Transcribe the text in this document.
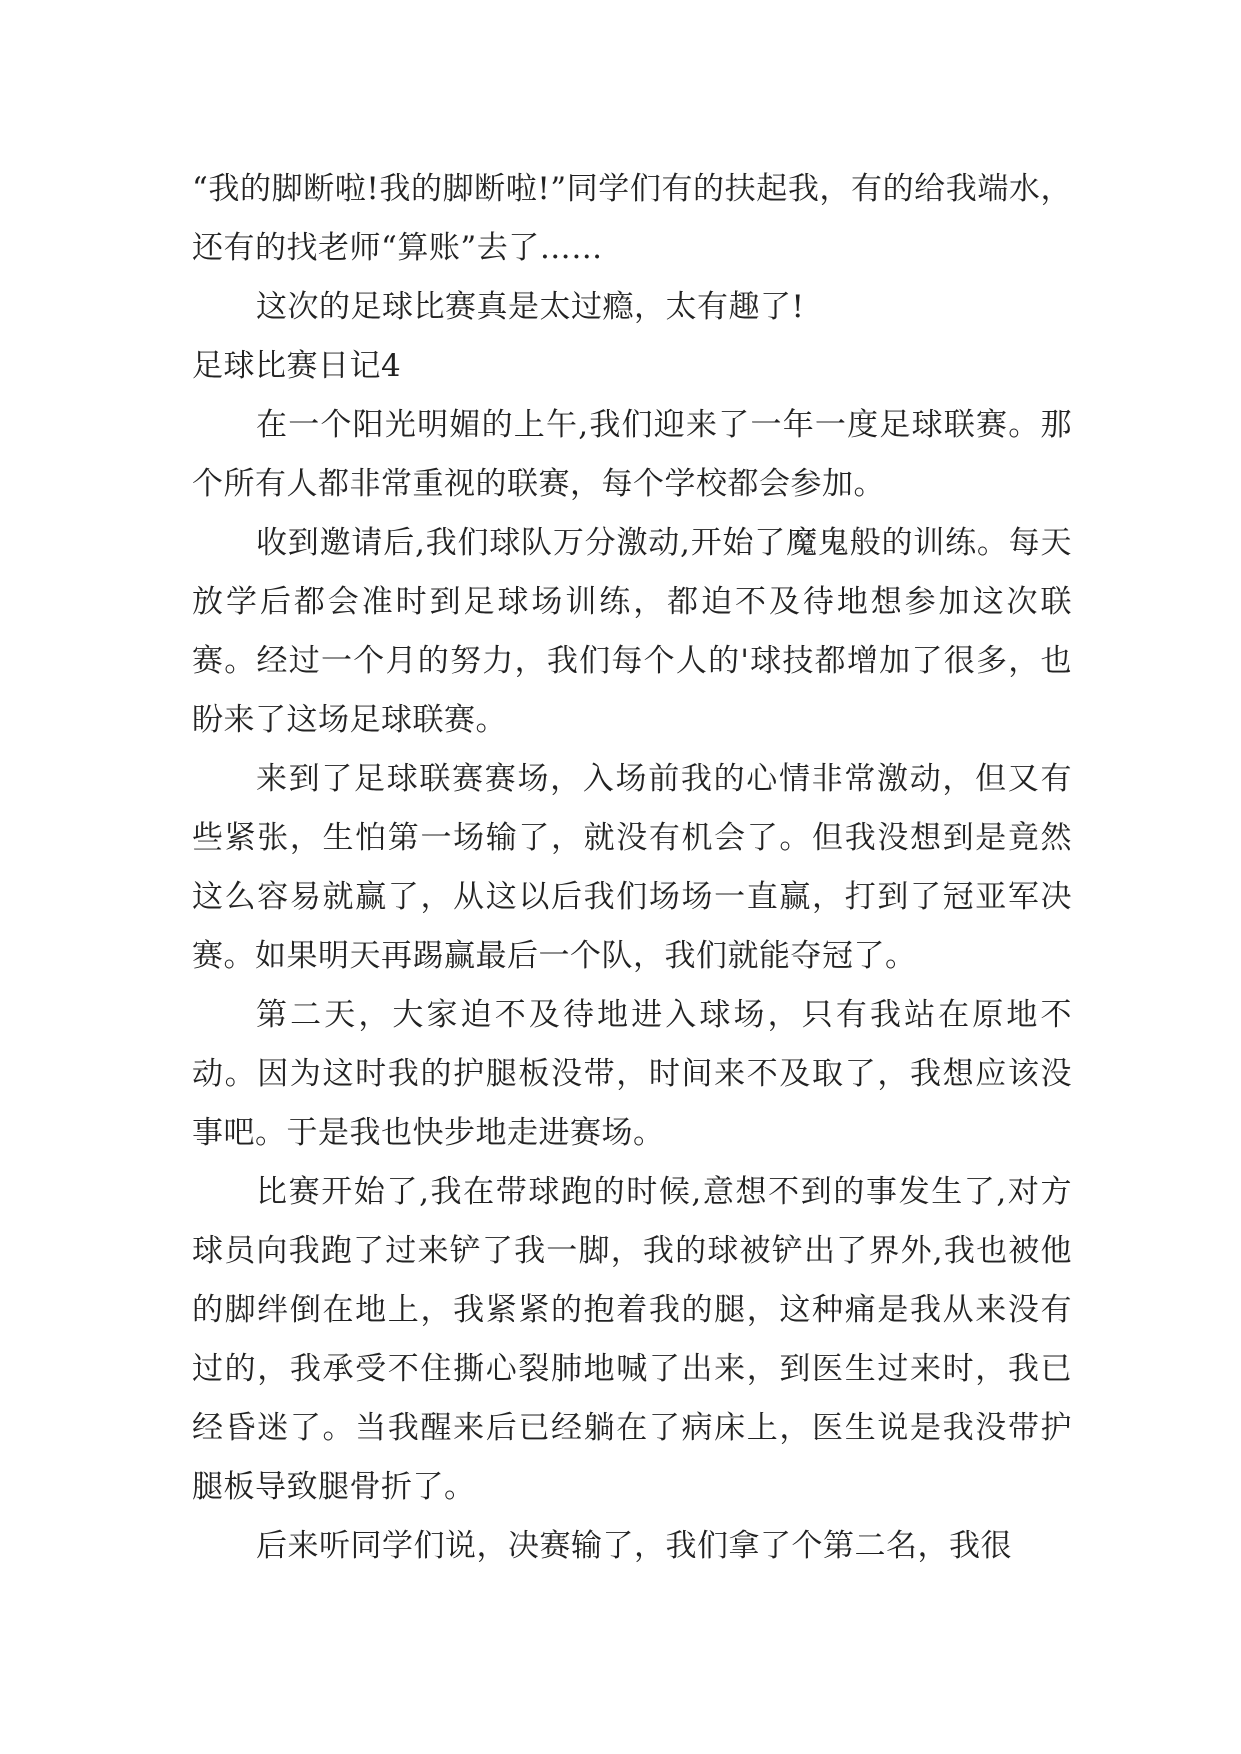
“我的脚断啦!我的脚断啦!”同学们有的扶起我，有的给我端水，还有的找老师“算账”去了……

这次的足球比赛真是太过瘾，太有趣了!

足球比赛日记4

在一个阳光明媚的上午,我们迎来了一年一度足球联赛。那个所有人都非常重视的联赛，每个学校都会参加。

收到邀请后,我们球队万分激动,开始了魔鬼般的训练。每天放学后都会准时到足球场训练，都迫不及待地想参加这次联赛。经过一个月的努力，我们每个人的'球技都增加了很多，也盼来了这场足球联赛。

来到了足球联赛赛场，入场前我的心情非常激动，但又有些紧张，生怕第一场输了，就没有机会了。但我没想到是竟然这么容易就赢了，从这以后我们场场一直赢，打到了冠亚军决赛。如果明天再踢赢最后一个队，我们就能夺冠了。

第二天，大家迫不及待地进入球场，只有我站在原地不动。因为这时我的护腿板没带，时间来不及取了，我想应该没事吧。于是我也快步地走进赛场。

比赛开始了,我在带球跑的时候,意想不到的事发生了,对方球员向我跑了过来铲了我一脚，我的球被铲出了界外,我也被他的脚绊倒在地上，我紧紧的抱着我的腿，这种痛是我从来没有过的，我承受不住撕心裂肺地喊了出来，到医生过来时，我已经昏迷了。当我醒来后已经躺在了病床上，医生说是我没带护腿板导致腿骨折了。

后来听同学们说，决赛输了，我们拿了个第二名，我很
